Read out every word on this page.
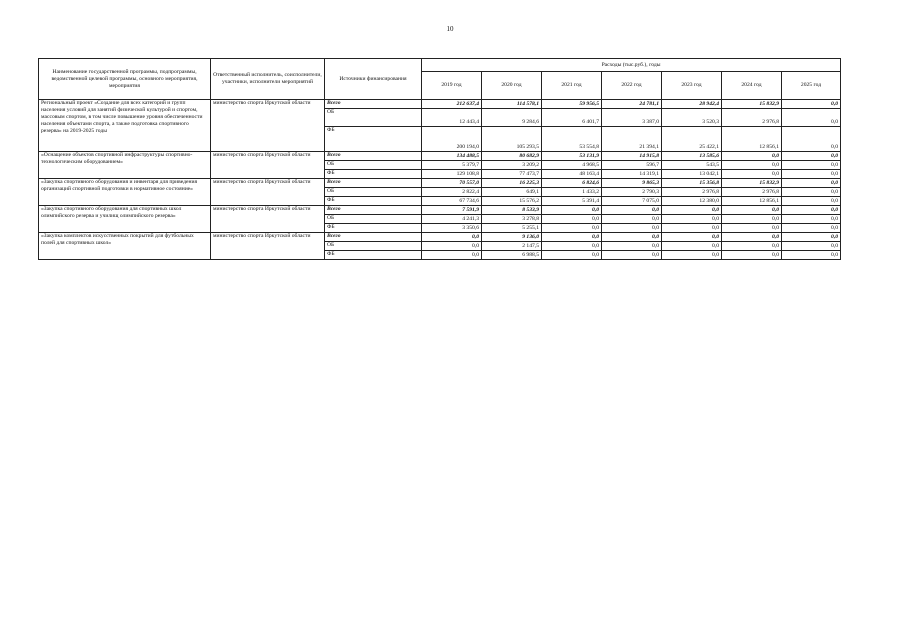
10
Наименование государственной программы, подпрограммы, ведомственной целевой программы, основного мероприятия, мероприятия	Ответственный исполнитель, соисполнители, участники, исполнители мероприятий	Источники финансирования	Расходы (тыс.руб.), годы						
			2019 год	2020 год	2021 год	2022 год	2023 год	2024 год	2025 год
Региональный проект «Создание для всех категорий и групп населения условий для занятий физической культурой и спортом, массовым спортом, в том числе повышение уровня обеспеченности населения объектами спорта, а также подготовка спортивного резерва» на 2019-2025 годы	министерство спорта Иркутской области	Всего	212 637,4	114 578,1	59 956,5	24 781,1	28 942,4	15 832,9	0,0
		ОБ	12 443,4	9 284,6	6 401,7	3 387,0	3 520,3	2 976,8	0,0
		ФБ	200 194,0	105 293,5	53 554,8	21 394,1	25 422,1	12 856,1	0,0
«Оснащение объектов спортивной инфраструктуры спортивно-технологическим оборудованием»	министерство спорта Иркутской области	Всего	134 488,5	80 682,9	53 131,9	14 915,8	13 585,6	0,0	0,0
		ОБ	5 379,7	3 209,2	4 968,5	596,7	543,5	0,0	0,0
		ФБ	129 108,8	77 473,7	48 163,4	14 319,1	13 042,1	0,0	0,0
«Закупка спортивного оборудования и инвентаря для приведения организаций спортивной подготовки в нормативное состояние»	министерство спорта Иркутской области	Всего	70 557,0	16 225,3	6 824,6	9 865,3	15 356,8	15 832,9	0,0
		ОБ	2 822,4	649,1	1 433,2	2 790,3	2 976,8	2 976,8	0,0
		ФБ	67 734,6	15 576,2	5 391,4	7 075,0	12 380,0	12 856,1	0,0
«Закупка спортивного оборудования для спортивных школ олимпийского резерва и училищ олимпийского резерва»	министерство спорта Иркутской области	Всего	7 591,9	8 533,9	0,0	0,0	0,0	0,0	0,0
		ОБ	4 241,3	3 278,8	0,0	0,0	0,0	0,0	0,0
		ФБ	3 350,6	5 255,1	0,0	0,0	0,0	0,0	0,0
«Закупка комплектов искусственных покрытий для футбольных полей для спортивных школ»	министерство спорта Иркутской области	Всего	0,0	9 136,0	0,0	0,0	0,0	0,0	0,0
		ОБ	0,0	2 147,5	0,0	0,0	0,0	0,0	0,0
		ФБ	0,0	6 988,5	0,0	0,0	0,0	0,0	0,0
